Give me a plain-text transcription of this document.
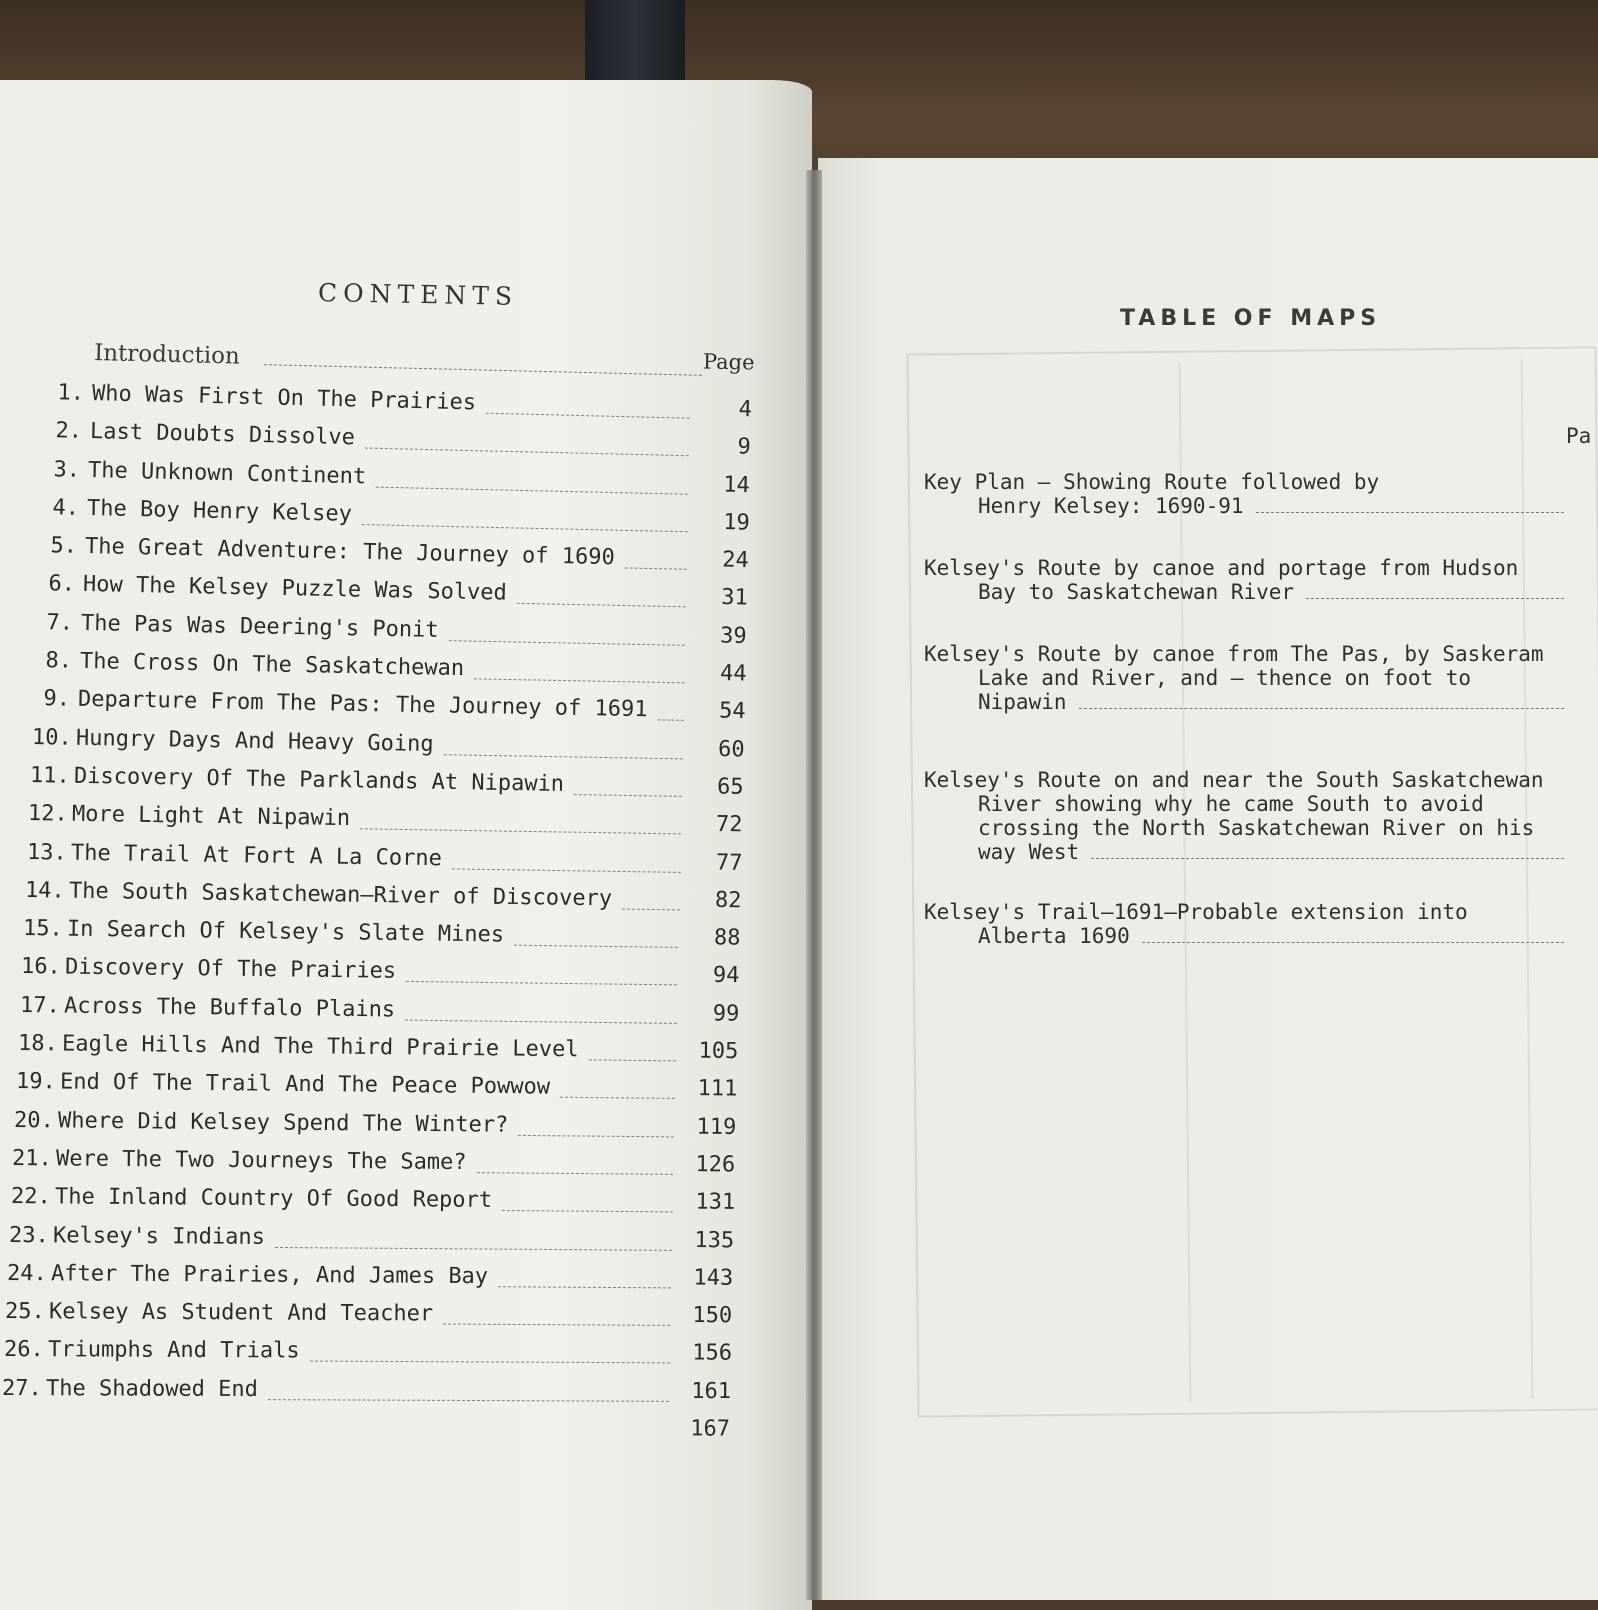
CONTENTS
Page
Introduction
1. Who Was First On The Prairies	4
2. Last Doubts Dissolve	9
3. The Unknown Continent	14
4. The Boy Henry Kelsey	19
5. The Great Adventure: The Journey of 1690	24
6. How The Kelsey Puzzle Was Solved	31
7. The Pas Was Deering's Ponit	39
8. The Cross On The Saskatchewan	44
9. Departure From The Pas: The Journey of 1691	54
10. Hungry Days And Heavy Going	60
11. Discovery Of The Parklands At Nipawin	65
12. More Light At Nipawin	72
13. The Trail At Fort A La Corne	77
14. The South Saskatchewan—River of Discovery	82
15. In Search Of Kelsey's Slate Mines	88
16. Discovery Of The Prairies	94
17. Across The Buffalo Plains	99
18. Eagle Hills And The Third Prairie Level	105
19. End Of The Trail And The Peace Powwow	111
20. Where Did Kelsey Spend The Winter?	119
21. Were The Two Journeys The Same?	126
22. The Inland Country Of Good Report	131
23. Kelsey's Indians	135
24. After The Prairies, And James Bay	143
25. Kelsey As Student And Teacher	150
26. Triumphs And Trials	156
27. The Shadowed End	161
167
TABLE OF MAPS
Pa
Key Plan — Showing Route followed by
Henry Kelsey: 1690-91
Kelsey's Route by canoe and portage from Hudson
Bay to Saskatchewan River
Kelsey's Route by canoe from The Pas, by Saskeram
Lake and River, and — thence on foot to
Nipawin
Kelsey's Route on and near the South Saskatchewan
River showing why he came South to avoid
crossing the North Saskatchewan River on his
way West
Kelsey's Trail—1691—Probable extension into
Alberta 1690
